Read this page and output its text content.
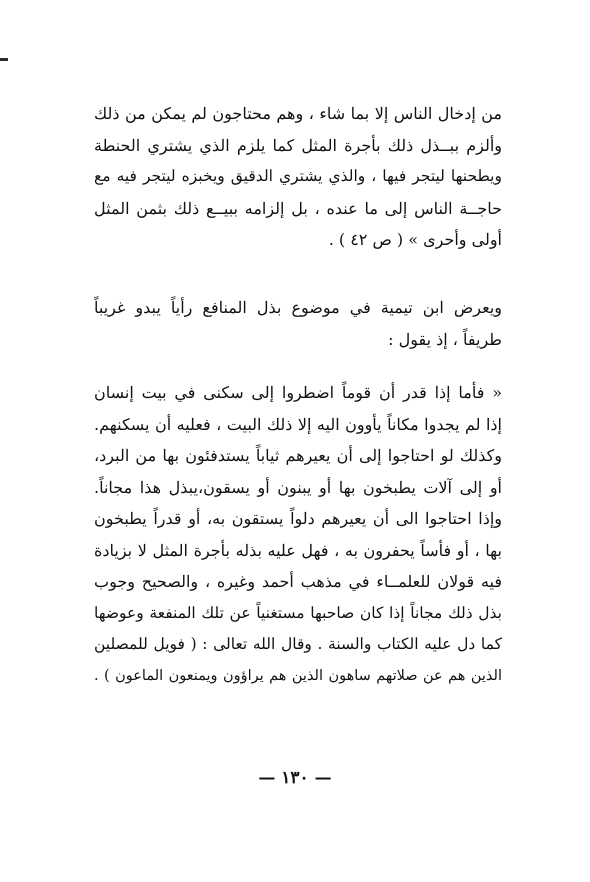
من إدخال الناس إلا بما شاء ، وهم محتاجون لم يمكن من ذلك
وألزم ببــذل ذلك بأجرة المثل كما يلزم الذي يشتري الحنطة
ويطحنها ليتجر فيها ، والذي يشتري الدقيق ويخبزه ليتجر فيه مع
حاجــة الناس إلى ما عنده ، بل إلزامه ببيــع ذلك بثمن المثل
أولى وأحرى » ( ص ٤٢ ) .
ويعرض ابن تيمية في موضوع بذل المنافع رأياً يبدو غريباً
طريفاً ، إذ يقول :
« فأما إذا قدر أن قوماً اضطروا إلى سكنى في بيت إنسان
إذا لم يجدوا مكاناً يأوون اليه إلا ذلك البيت ، فعليه أن يسكنهم.
وكذلك لو احتاجوا إلى أن يعيرهم ثياباً يستدفئون بها من البرد،
أو إلى آلات يطبخون بها أو يبنون أو يسقون،يبذل هذا مجاناً.
وإذا احتاجوا الى أن يعيرهم دلواً يستقون به، أو قدراً يطبخون
بها ، أو فأساً يحفرون به ، فهل عليه بذله بأجرة المثل لا بزيادة
فيه قولان للعلمــاء في مذهب أحمد وغيره ، والصحيح وجوب
بذل ذلك مجاناً إذا كان صاحبها مستغنياً عن تلك المنفعة وعوضها
كما دل عليه الكتاب والسنة . وقال الله تعالى : ( فويل للمصلين
الذين هم عن صلاتهم ساهون الذين هم يراؤون ويمنعون الماعون ) .
— ١٣٠ —
